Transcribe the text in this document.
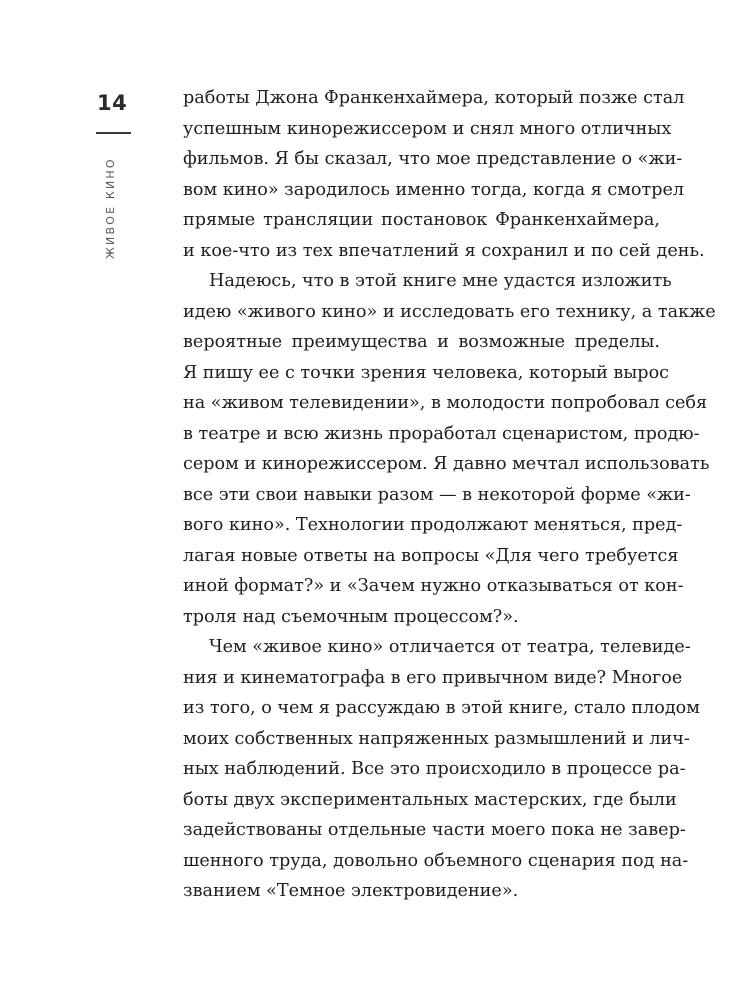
14
ЖИВОЕ КИНО
работы Джона Франкенхаймера, который позже стал
успешным кинорежиссером и снял много отличных
фильмов. Я бы сказал, что мое представление о «жи-
вом кино» зародилось именно тогда, когда я смотрел
прямые трансляции постановок Франкенхаймера,
и кое-что из тех впечатлений я сохранил и по сей день.
Надеюсь, что в этой книге мне удастся изложить
идею «живого кино» и исследовать его технику, а также
вероятные преимущества и возможные пределы.
Я пишу ее с точки зрения человека, который вырос
на «живом телевидении», в молодости попробовал себя
в театре и всю жизнь проработал сценаристом, продю-
сером и кинорежиссером. Я давно мечтал использовать
все эти свои навыки разом — в некоторой форме «жи-
вого кино». Технологии продолжают меняться, пред-
лагая новые ответы на вопросы «Для чего требуется
иной формат?» и «Зачем нужно отказываться от кон-
троля над съемочным процессом?».
Чем «живое кино» отличается от театра, телевиде-
ния и кинематографа в его привычном виде? Многое
из того, о чем я рассуждаю в этой книге, стало плодом
моих собственных напряженных размышлений и лич-
ных наблюдений. Все это происходило в процессе ра-
боты двух экспериментальных мастерских, где были
задействованы отдельные части моего пока не завер-
шенного труда, довольно объемного сценария под на-
званием «Темное электровидение».
